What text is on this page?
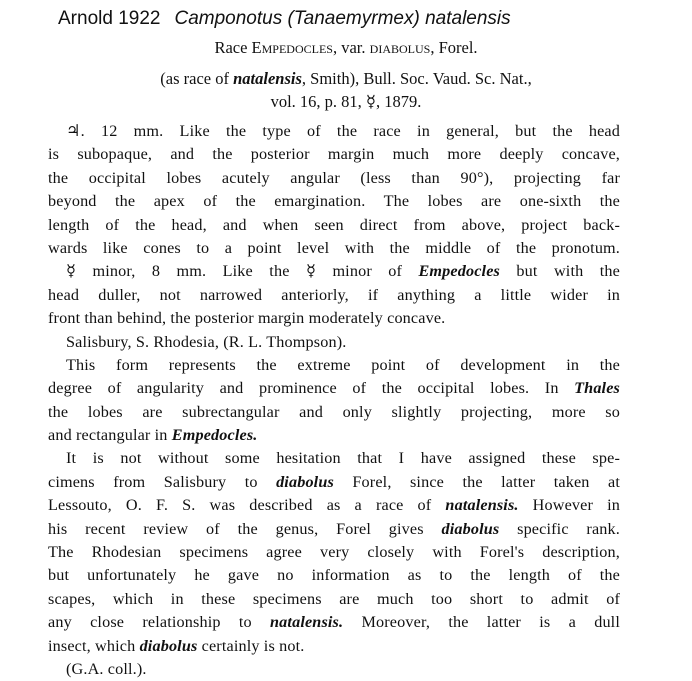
Arnold 1922 Camponotus (Tanaemyrmex) natalensis
Race Empedocles, var. diabolus, Forel.
(as race of natalensis, Smith), Bull. Soc. Vaud. Sc. Nat.,
vol. 16, p. 81, ☿, 1879.
♃. 12 mm. Like the type of the race in general, but the head
is subopaque, and the posterior margin much more deeply concave,
the occipital lobes acutely angular (less than 90°), projecting far
beyond the apex of the emargination. The lobes are one-sixth the
length of the head, and when seen direct from above, project back-
wards like cones to a point level with the middle of the pronotum.
☿ minor, 8 mm. Like the ☿ minor of Empedocles but with the
head duller, not narrowed anteriorly, if anything a little wider in
front than behind, the posterior margin moderately concave.
Salisbury, S. Rhodesia, (R. L. Thompson).
This form represents the extreme point of development in the
degree of angularity and prominence of the occipital lobes. In Thales
the lobes are subrectangular and only slightly projecting, more so
and rectangular in Empedocles.
It is not without some hesitation that I have assigned these spe-
cimens from Salisbury to diabolus Forel, since the latter taken at
Lessouto, O. F. S. was described as a race of natalensis. However in
his recent review of the genus, Forel gives diabolus specific rank.
The Rhodesian specimens agree very closely with Forel's description,
but unfortunately he gave no information as to the length of the
scapes, which in these specimens are much too short to admit of
any close relationship to natalensis. Moreover, the latter is a dull
insect, which diabolus certainly is not.
(G.A. coll.).
